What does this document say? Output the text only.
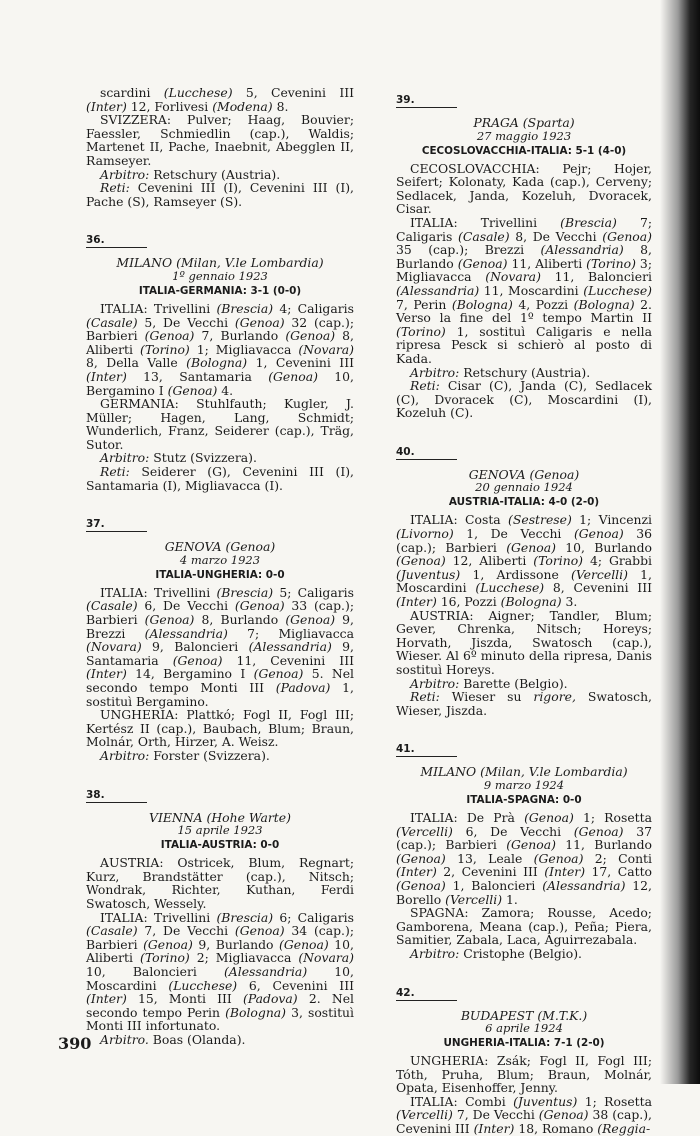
scardini (Lucchese) 5, Cevenini III (Inter) 12, Forlivesi (Modena) 8.

SVIZZERA: Pulver; Haag, Bouvier; Faessler, Schmiedlin (cap.), Waldis; Martenet II, Pache, Inaebnit, Abegglen II, Ramseyer.

Arbitro: Retschury (Austria).

Reti: Cevenini III (I), Cevenini III (I), Pache (S), Ramseyer (S).

36.
MILANO (Milan, V.le Lombardia)
1º gennaio 1923
ITALIA-GERMANIA: 3-1 (0-0)

ITALIA: Trivellini (Brescia) 4; Caligaris (Casale) 5, De Vecchi (Genoa) 32 (cap.); Barbieri (Genoa) 7, Burlando (Genoa) 8, Aliberti (Torino) 1; Migliavacca (Novara) 8, Della Valle (Bologna) 1, Cevenini III (Inter) 13, Santamaria (Genoa) 10, Bergamino I (Genoa) 4.

GERMANIA: Stuhlfauth; Kugler, J. Müller; Hagen, Lang, Schmidt; Wunderlich, Franz, Seiderer (cap.), Träg, Sutor.

Arbitro: Stutz (Svizzera).

Reti: Seiderer (G), Cevenini III (I), Santamaria (I), Migliavacca (I).

37.
GENOVA (Genoa)
4 marzo 1923
ITALIA-UNGHERIA: 0-0

ITALIA: Trivellini (Brescia) 5; Caligaris (Casale) 6, De Vecchi (Genoa) 33 (cap.); Barbieri (Genoa) 8, Burlando (Genoa) 9, Brezzi (Alessandria) 7; Migliavacca (Novara) 9, Baloncieri (Alessandria) 9, Santamaria (Genoa) 11, Cevenini III (Inter) 14, Bergamino I (Genoa) 5. Nel secondo tempo Monti III (Padova) 1, sostituì Bergamino.

UNGHERIA: Plattkó; Fogl II, Fogl III; Kertész II (cap.), Baubach, Blum; Braun, Molnár, Orth, Hirzer, A. Weisz.

Arbitro: Forster (Svizzera).

38.
VIENNA (Hohe Warte)
15 aprile 1923
ITALIA-AUSTRIA: 0-0

AUSTRIA: Ostricek, Blum, Regnart; Kurz, Brandstätter (cap.), Nitsch; Wondrak, Richter, Kuthan, Ferdi Swatosch, Wessely.

ITALIA: Trivellini (Brescia) 6; Caligaris (Casale) 7, De Vecchi (Genoa) 34 (cap.); Barbieri (Genoa) 9, Burlando (Genoa) 10, Aliberti (Torino) 2; Migliavacca (Novara) 10, Baloncieri (Alessandria) 10, Moscardini (Lucchese) 6, Cevenini III (Inter) 15, Monti III (Padova) 2. Nel secondo tempo Perin (Bologna) 3, sostituì Monti III infortunato.

Arbitro. Boas (Olanda).

39.
PRAGA (Sparta)
27 maggio 1923
CECOSLOVACCHIA-ITALIA: 5-1 (4-0)

CECOSLOVACCHIA: Pejr; Hojer, Seifert; Kolonaty, Kada (cap.), Cerveny; Sedlacek, Janda, Kozeluh, Dvoracek, Cisar.

ITALIA: Trivellini (Brescia) 7; Caligaris (Casale) 8, De Vecchi (Genoa) 35 (cap.); Brezzi (Alessandria) 8, Burlando (Genoa) 11, Aliberti (Torino) 3; Migliavacca (Novara) 11, Baloncieri (Alessandria) 11, Moscardini (Lucchese) 7, Perin (Bologna) 4, Pozzi (Bologna) 2. Verso la fine del 1º tempo Martin II (Torino) 1, sostituì Caligaris e nella ripresa Pesck si schierò al posto di Kada.

Arbitro: Retschury (Austria).

Reti: Cisar (C), Janda (C), Sedlacek (C), Dvoracek (C), Moscardini (I), Kozeluh (C).

40.
GENOVA (Genoa)
20 gennaio 1924
AUSTRIA-ITALIA: 4-0 (2-0)

ITALIA: Costa (Sestrese) 1; Vincenzi (Livorno) 1, De Vecchi (Genoa) 36 (cap.); Barbieri (Genoa) 10, Burlando (Genoa) 12, Aliberti (Torino) 4; Grabbi (Juventus) 1, Ardissone (Vercelli) 1, Moscardini (Lucchese) 8, Cevenini III (Inter) 16, Pozzi (Bologna) 3.

AUSTRIA: Aigner; Tandler, Blum; Gever, Chrenka, Nitsch; Horeys; Horvath, Jiszda, Swatosch (cap.), Wieser. Al 6º minuto della ripresa, Danis sostituì Horeys.

Arbitro: Barette (Belgio).

Reti: Wieser su rigore, Swatosch, Wieser, Jiszda.

41.
MILANO (Milan, V.le Lombardia)
9 marzo 1924
ITALIA-SPAGNA: 0-0

ITALIA: De Prà (Genoa) 1; Rosetta (Vercelli) 6, De Vecchi (Genoa) 37 (cap.); Barbieri (Genoa) 11, Burlando (Genoa) 13, Leale (Genoa) 2; Conti (Inter) 2, Cevenini III (Inter) 17, Catto (Genoa) 1, Baloncieri (Alessandria) 12, Borello (Vercelli) 1.

SPAGNA: Zamora; Rousse, Acedo; Gamborena, Meana (cap.), Peña; Piera, Samitier, Zabala, Laca, Aguirrezabala.

Arbitro: Cristophe (Belgio).

42.
BUDAPEST (M.T.K.)
6 aprile 1924
UNGHERIA-ITALIA: 7-1 (2-0)

UNGHERIA: Zsák; Fogl II, Fogl III; Tóth, Pruha, Blum; Braun, Molnár, Opata, Eisenhoffer, Jenny.

ITALIA: Combi (Juventus) 1; Rosetta (Vercelli) 7, De Vecchi (Genoa) 38 (cap.), Cevenini III (Inter) 18, Romano (Reggia-

390
